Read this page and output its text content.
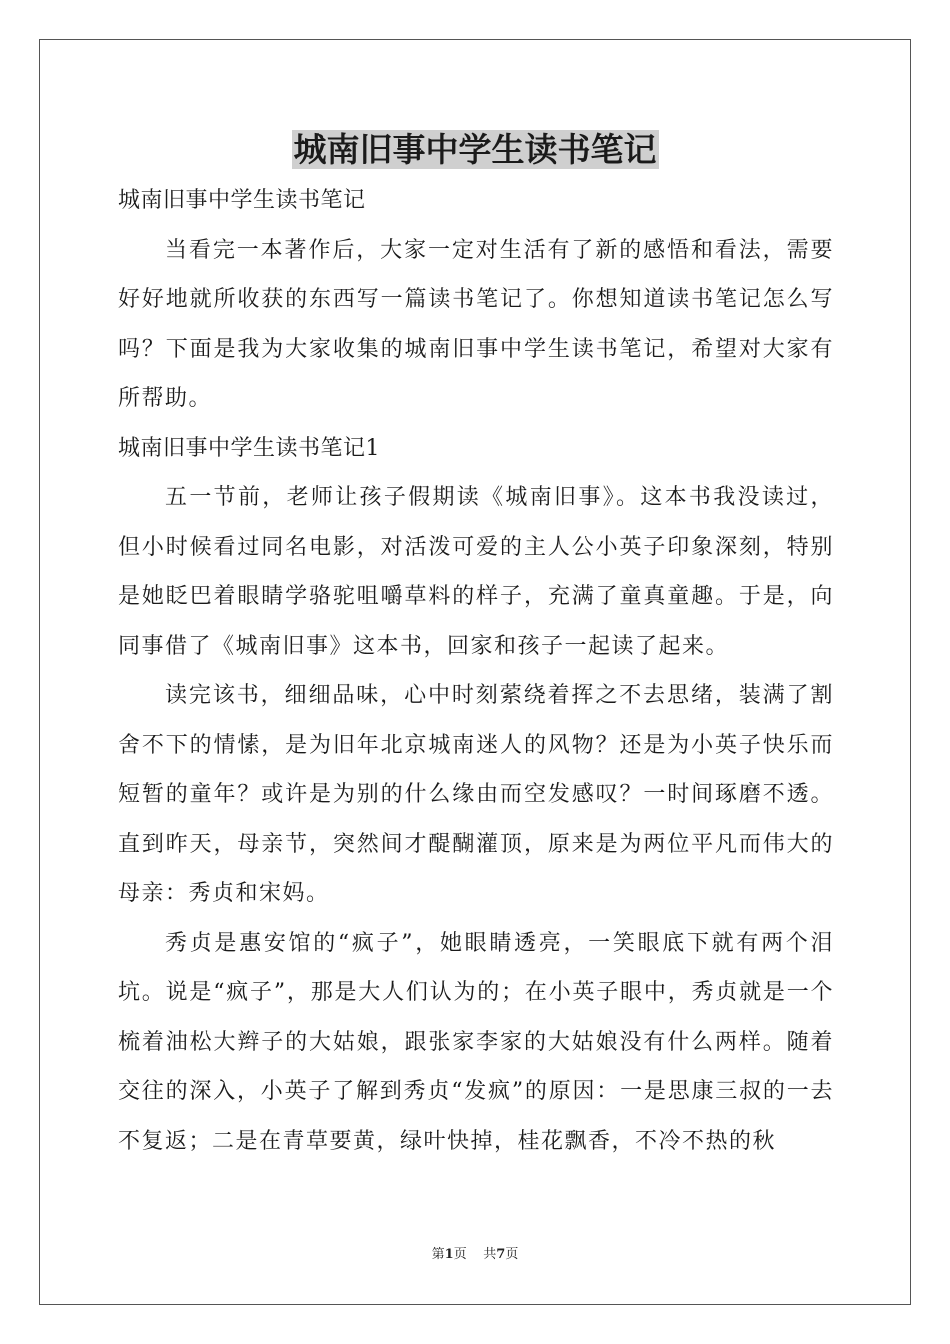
城南旧事中学生读书笔记

城南旧事中学生读书笔记

当看完一本著作后，大家一定对生活有了新的感悟和看法，需要好好地就所收获的东西写一篇读书笔记了。你想知道读书笔记怎么写吗？下面是我为大家收集的城南旧事中学生读书笔记，希望对大家有所帮助。

城南旧事中学生读书笔记1

五一节前，老师让孩子假期读《城南旧事》。这本书我没读过，但小时候看过同名电影，对活泼可爱的主人公小英子印象深刻，特别是她眨巴着眼睛学骆驼咀嚼草料的样子，充满了童真童趣。于是，向同事借了《城南旧事》这本书，回家和孩子一起读了起来。

读完该书，细细品味，心中时刻萦绕着挥之不去思绪，装满了割舍不下的情愫，是为旧年北京城南迷人的风物？还是为小英子快乐而短暂的童年？或许是为别的什么缘由而空发感叹？一时间琢磨不透。直到昨天，母亲节，突然间才醍醐灌顶，原来是为两位平凡而伟大的母亲：秀贞和宋妈。

秀贞是惠安馆的“疯子”，她眼睛透亮，一笑眼底下就有两个泪坑。说是“疯子”，那是大人们认为的；在小英子眼中，秀贞就是一个梳着油松大辫子的大姑娘，跟张家李家的大姑娘没有什么两样。随着交往的深入，小英子了解到秀贞“发疯”的原因：一是思康三叔的一去不复返；二是在青草要黄，绿叶快掉，桂花飘香，不冷不热的秋

第1页 共7页
